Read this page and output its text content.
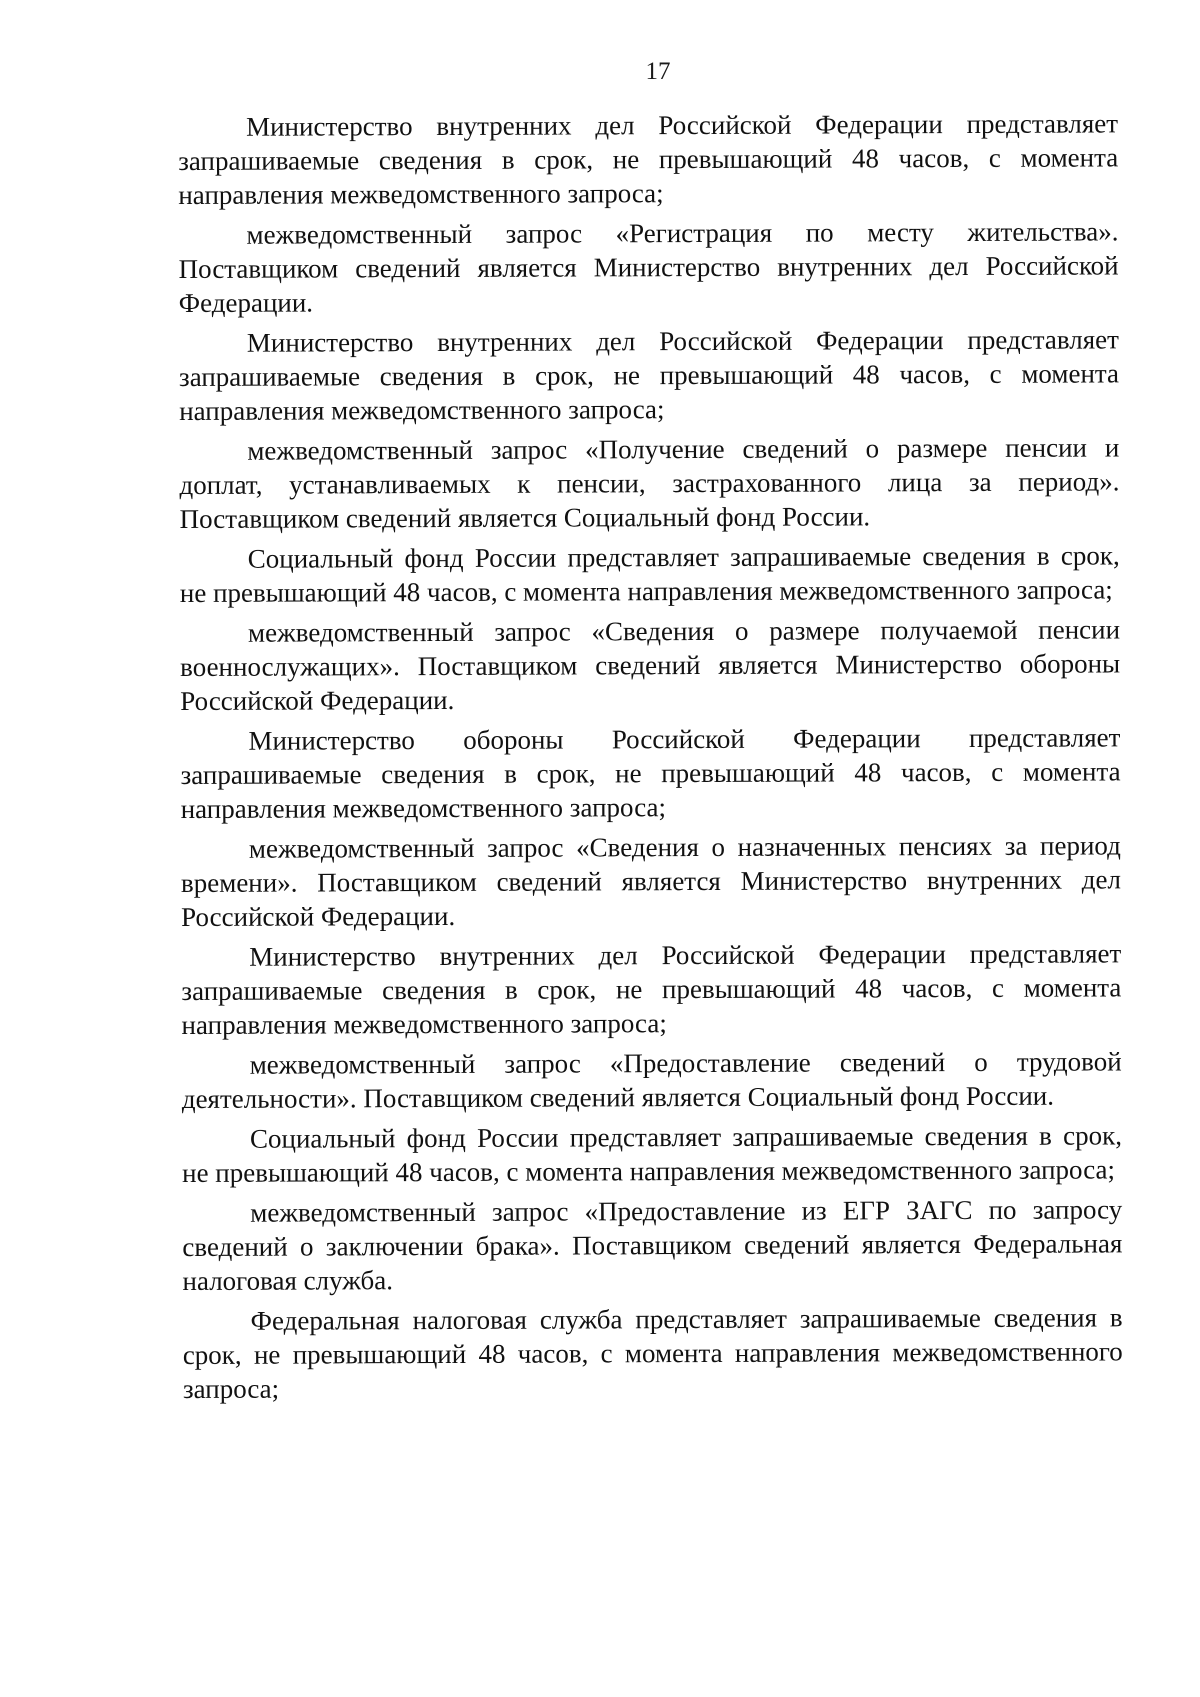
17

Министерство внутренних дел Российской Федерации представляет запрашиваемые сведения в срок, не превышающий 48 часов, с момента направления межведомственного запроса;

межведомственный запрос «Регистрация по месту жительства». Поставщиком сведений является Министерство внутренних дел Российской Федерации.

Министерство внутренних дел Российской Федерации представляет запрашиваемые сведения в срок, не превышающий 48 часов, с момента направления межведомственного запроса;

межведомственный запрос «Получение сведений о размере пенсии и доплат, устанавливаемых к пенсии, застрахованного лица за период». Поставщиком сведений является Социальный фонд России.

Социальный фонд России представляет запрашиваемые сведения в срок, не превышающий 48 часов, с момента направления межведомственного запроса;

межведомственный запрос «Сведения о размере получаемой пенсии военнослужащих». Поставщиком сведений является Министерство обороны Российской Федерации.

Министерство обороны Российской Федерации представляет запрашиваемые сведения в срок, не превышающий 48 часов, с момента направления межведомственного запроса;

межведомственный запрос «Сведения о назначенных пенсиях за период времени». Поставщиком сведений является Министерство внутренних дел Российской Федерации.

Министерство внутренних дел Российской Федерации представляет запрашиваемые сведения в срок, не превышающий 48 часов, с момента направления межведомственного запроса;

межведомственный запрос «Предоставление сведений о трудовой деятельности». Поставщиком сведений является Социальный фонд России.

Социальный фонд России представляет запрашиваемые сведения в срок, не превышающий 48 часов, с момента направления межведомственного запроса;

межведомственный запрос «Предоставление из ЕГР ЗАГС по запросу сведений о заключении брака». Поставщиком сведений является Федеральная налоговая служба.

Федеральная налоговая служба представляет запрашиваемые сведения в срок, не превышающий 48 часов, с момента направления межведомственного запроса;
